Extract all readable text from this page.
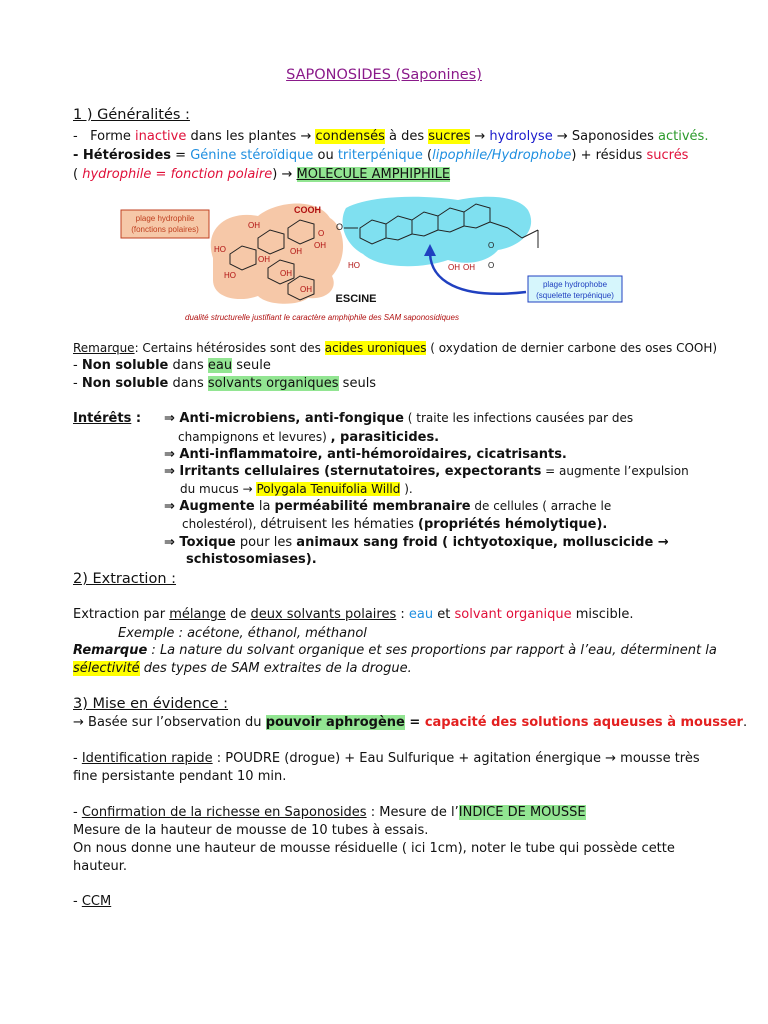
SAPONOSIDES (Saponines)
1 ) Généralités :
- Forme inactive dans les plantes → condensés à des sucres → hydrolyse → Saponosides activés.
- Hétérosides = Génine stéroïdique ou triterpénique (lipophile/Hydrophobe) + résidus sucrés
( hydrophile = fonction polaire) → MOLECULE AMPHIPHILE
plage hydrophile
(fonctions polaires)	OH
HO
HO
OH
OH
OH
OH
OH
O
COOH
O
HO	OH OH
O
O
plage hydrophobe
(squelette terpénique)
ESCINE
dualité structurelle justifiant le caractère amphiphile des SAM saponosidiques
Remarque: Certains hétérosides sont des acides uroniques ( oxydation de dernier carbone des oses COOH)
- Non soluble dans eau seule
- Non soluble dans solvants organiques seuls
Intérêts : ⇒ Anti-microbiens, anti-fongique ( traite les infections causées par des
champignons et levures) , parasiticides.
⇒ Anti-inflammatoire, anti-hémoroïdaires, cicatrisants.
⇒ Irritants cellulaires (sternutatoires, expectorants = augmente l’expulsion
du mucus → Polygala Tenuifolia Willd ).
⇒ Augmente la perméabilité membranaire de cellules ( arrache le
cholestérol), détruisent les hématies (propriétés hémolytique).
⇒ Toxique pour les animaux sang froid ( ichtyotoxique, molluscicide →
schistosomiases).
2) Extraction :
Extraction par mélange de deux solvants polaires : eau et solvant organique miscible.
Exemple : acétone, éthanol, méthanol
Remarque : La nature du solvant organique et ses proportions par rapport à l’eau, déterminent la
sélectivité des types de SAM extraites de la drogue.
3) Mise en évidence :
→ Basée sur l’observation du pouvoir aphrogène = capacité des solutions aqueuses à mousser.
- Identification rapide : POUDRE (drogue) + Eau Sulfurique + agitation énergique → mousse très
fine persistante pendant 10 min.
- Confirmation de la richesse en Saponosides : Mesure de l’INDICE DE MOUSSE
Mesure de la hauteur de mousse de 10 tubes à essais.
On nous donne une hauteur de mousse résiduelle ( ici 1cm), noter le tube qui possède cette
hauteur.
- CCM
